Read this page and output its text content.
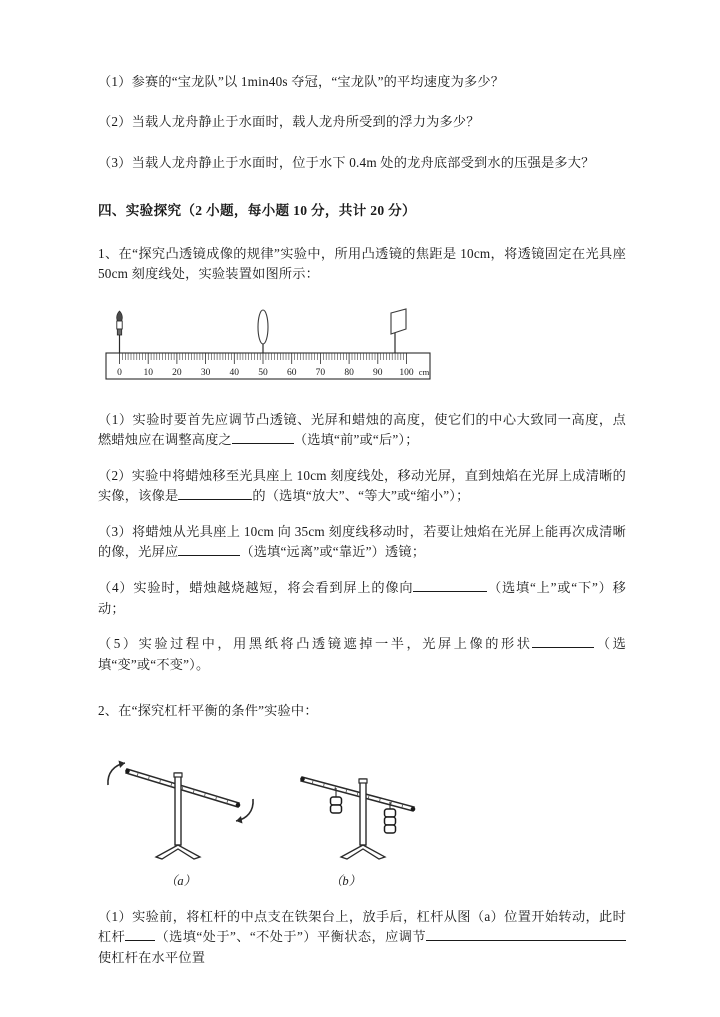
（1）参赛的“宝龙队”以 1min40s 夺冠，“宝龙队”的平均速度为多少？

（2）当载人龙舟静止于水面时，载人龙舟所受到的浮力为多少？

（3）当载人龙舟静止于水面时，位于水下 0.4m 处的龙舟底部受到水的压强是多大？

四、实验探究（2 小题，每小题 10 分，共计 20 分）

1、在“探究凸透镜成像的规律”实验中，所用凸透镜的焦距是 10cm，将透镜固定在光具座 50cm 刻度线处，实验装置如图所示：

0 10 20 30 40 50 60 70 80 90 100 cm

（1）实验时要首先应调节凸透镜、光屏和蜡烛的高度，使它们的中心大致同一高度，点燃蜡烛应在调整高度之	（选填“前”或“后”）；

（2）实验中将蜡烛移至光具座上 10cm 刻度线处，移动光屏，直到烛焰在光屏上成清晰的实像，该像是	的（选填“放大”、“等大”或“缩小”）；

（3）将蜡烛从光具座上 10cm 向 35cm 刻度线移动时，若要让烛焰在光屏上能再次成清晰的像，光屏应	（选填“远离”或“靠近”）透镜；

（4）实验时，蜡烛越烧越短，将会看到屏上的像向	（选填“上”或“下”）移动；

（5）实验过程中，用黑纸将凸透镜遮掉一半，光屏上像的形状	（选填“变”或“不变”）。

2、在“探究杠杆平衡的条件”实验中：

（a）	（b）

（1）实验前，将杠杆的中点支在铁架台上，放手后，杠杆从图（a）位置开始转动，此时杠杆 （选填“处于”、“不处于”）平衡状态，应调节使杠杆在水平位置
